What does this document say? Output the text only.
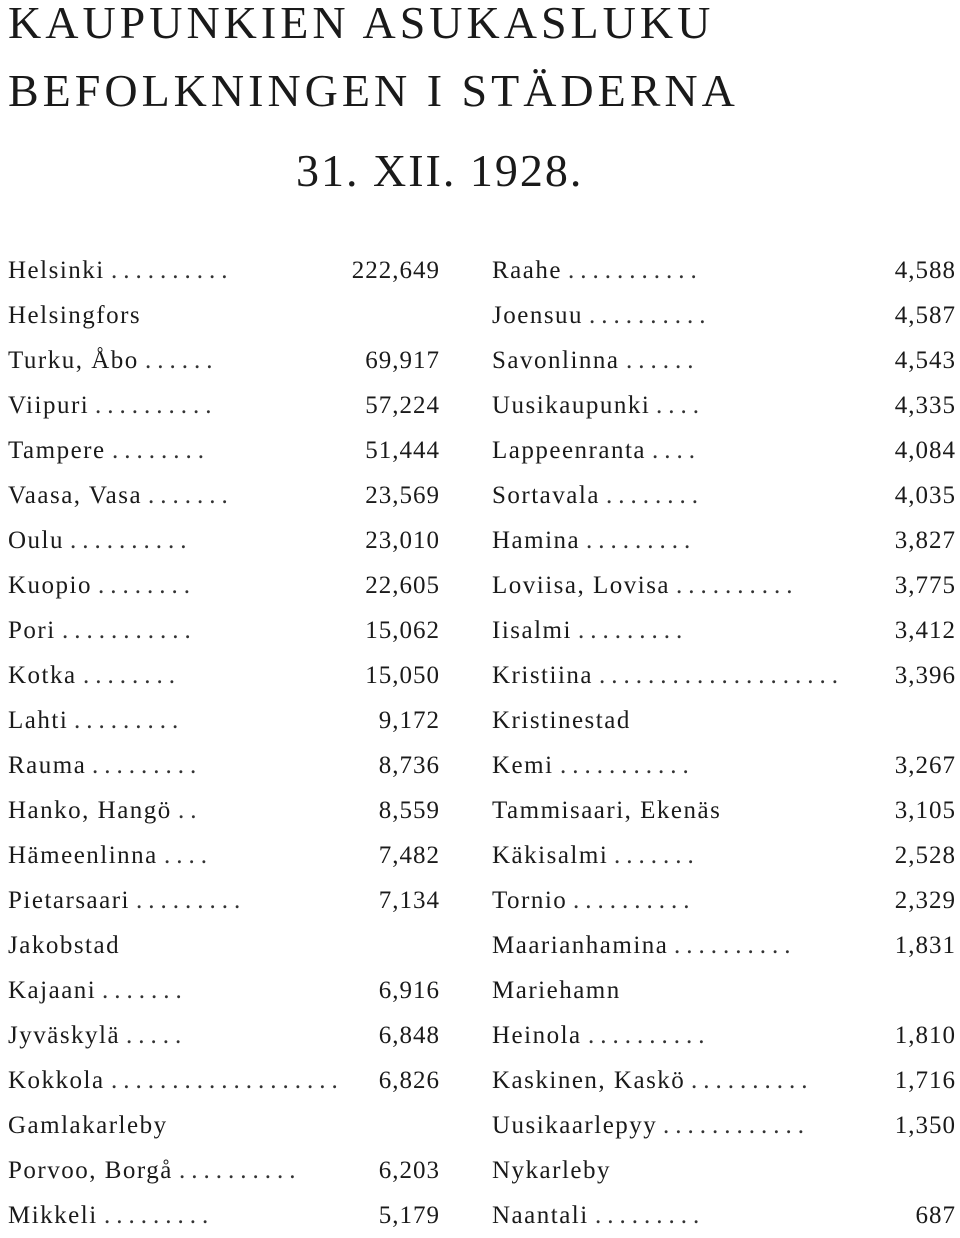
KAUPUNKIEN ASUKASLUKU
BEFOLKNINGEN I STÄDERNA
31. XII. 1928.
Helsinki ..........	222,649
Helsingfors
Turku, Åbo ......	69,917
Viipuri ..........	57,224
Tampere ........	51,444
Vaasa, Vasa .......	23,569
Oulu ..........	23,010
Kuopio ........	22,605
Pori ...........	15,062
Kotka ........	15,050
Lahti .........	9,172
Rauma .........	8,736
Hanko, Hangö ..	8,559
Hämeenlinna ....	7,482
Pietarsaari .........	7,134
Jakobstad
Kajaani .......	6,916
Jyväskylä .....	6,848
Kokkola ...................	6,826
Gamlakarleby
Porvoo, Borgå ..........	6,203
Mikkeli .........	5,179
Raahe ...........	4,588
Joensuu ..........	4,587
Savonlinna ......	4,543
Uusikaupunki ....	4,335
Lappeenranta ....	4,084
Sortavala ........	4,035
Hamina .........	3,827
Loviisa, Lovisa ..........	3,775
Iisalmi .........	3,412
Kristiina ....................	3,396
Kristinestad
Kemi ...........	3,267
Tammisaari, Ekenäs	3,105
Käkisalmi .......	2,528
Tornio ..........	2,329
Maarianhamina ..........	1,831
Mariehamn
Heinola ..........	1,810
Kaskinen, Kaskö ..........	1,716
Uusikaarlepyy ............	1,350
Nykarleby
Naantali .........	687
